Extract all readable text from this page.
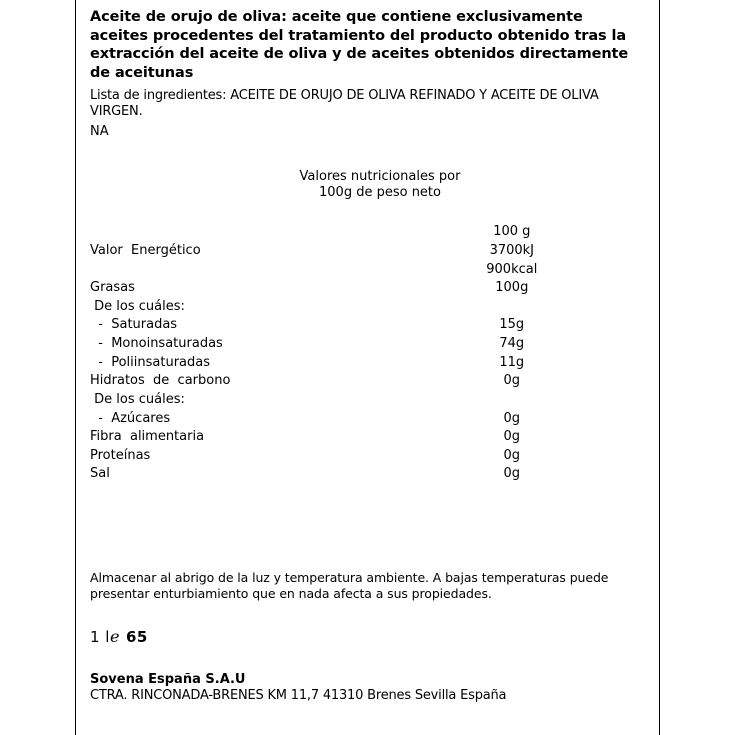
Aceite de orujo de oliva: aceite que contiene exclusivamente aceites procedentes del tratamiento del producto obtenido tras la extracción del aceite de oliva y de aceites obtenidos directamente de aceitunas

Lista de ingredientes: ACEITE DE ORUJO DE OLIVA REFINADO Y ACEITE DE OLIVA VIRGEN.

NA

Valores nutricionales por
100g de peso neto
	100 g
Valor  Energético	3700kJ
	900kcal
Grasas	100g
De los cuáles:	
-  Saturadas	15g
-  Monoinsaturadas	74g
-  Poliinsaturadas	11g
Hidratos  de  carbono	0g
De los cuáles:	
-  Azúcares	0g
Fibra  alimentaria	0g
Proteínas	0g
Sal	0g

Almacenar al abrigo de la luz y temperatura ambiente. A bajas temperaturas puede presentar enturbiamiento que en nada afecta a sus propiedades.

1 le 65
Sovena España S.A.U
CTRA. RINCONADA-BRENES KM 11,7 41310 Brenes Sevilla España
